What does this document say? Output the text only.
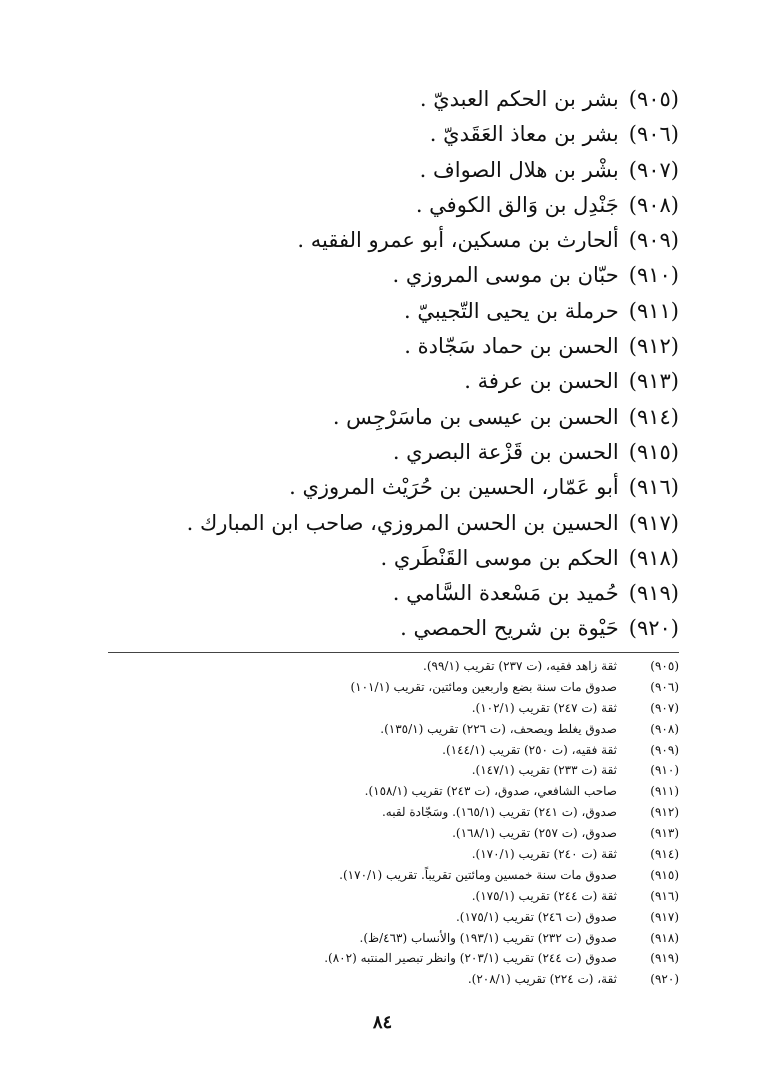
(٩٠٥)بشر بن الحكم العبديّ .
(٩٠٦)بشر بن معاذ العَقَديّ .
(٩٠٧)بشْر بن هلال الصواف .
(٩٠٨)جَنْدِل بن وَالق الكوفي .
(٩٠٩)ألحارث بن مسكين، أبو عمرو الفقيه .
(٩١٠)حبّان بن موسى المروزي .
(٩١١)حرملة بن يحيى التّجيبيّ .
(٩١٢)الحسن بن حماد سَجّادة .
(٩١٣)الحسن بن عرفة .
(٩١٤)الحسن بن عيسى بن ماسَرْجِس .
(٩١٥)الحسن بن قَزْعة البصري .
(٩١٦)أبو عَمّار، الحسين بن حُرَيْث المروزي .
(٩١٧)الحسين بن الحسن المروزي، صاحب ابن المبارك .
(٩١٨)الحكم بن موسى القَنْطَري .
(٩١٩)حُميد بن مَسْعدة السَّامي .
(٩٢٠)حَيْوة بن شريح الحمصي .
(٩٠٥)ثقة زاهد فقيه، (ت ٢٣٧) تقريب (٩٩/١).
(٩٠٦)صدوق مات سنة بضع واربعين ومائتين، تقريب (١٠١/١)
(٩٠٧)ثقة (ت ٢٤٧) تقريب (١٠٢/١).
(٩٠٨)صدوق يغلط ويصحف، (ت ٢٢٦) تقريب (١٣٥/١).
(٩٠٩)ثقة فقيه، (ت ٢٥٠) تقريب (١٤٤/١).
(٩١٠)ثقة (ت ٢٣٣) تقريب (١٤٧/١).
(٩١١)صاحب الشافعي، صدوق، (ت ٢٤٣) تقريب (١٥٨/١).
(٩١٢)صدوق، (ت ٢٤١) تقريب (١٦٥/١). وسَجّادة لقبه.
(٩١٣)صدوق، (ت ٢٥٧) تقريب (١٦٨/١).
(٩١٤)ثقة (ت ٢٤٠) تقريب (١٧٠/١).
(٩١٥)صدوق مات سنة خمسين ومائتين تقريباً. تقريب (١٧٠/١).
(٩١٦)ثقة (ت ٢٤٤) تقريب (١٧٥/١).
(٩١٧)صدوق (ت ٢٤٦) تقريب (١٧٥/١).
(٩١٨)صدوق (ت ٢٣٢) تقريب (١٩٣/١) والأنساب (٤٦٣/ظ).
(٩١٩)صدوق (ت ٢٤٤) تقريب (٢٠٣/١) وانظر تبصير المنتبه (٨٠٢).
(٩٢٠)ثقة، (ت ٢٢٤) تقريب (٢٠٨/١).
٨٤
